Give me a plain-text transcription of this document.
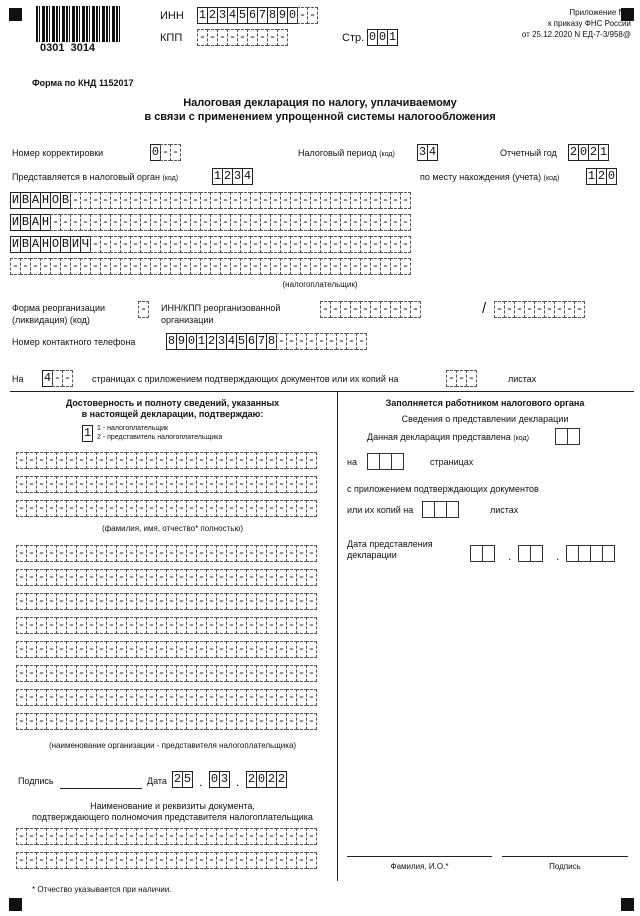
0301  3014
ИНН 1 2 3 4 5 6 7 8 9 0 - -
КПП - - - - - - - - -	Стр. 0 0 1
Приложение N 1
к приказу ФНС России
от 25.12.2020 N ЕД-7-3/958@
Форма по КНД 1152017
Налоговая декларация по налогу, уплачиваемому
в связи с применением упрощенной системы налогообложения
Номер корректировки	0 - -	Налоговый период (код) 3 4	Отчетный год 2 0 2 1
Представляется в налоговый орган (код)	1 2 3 4	по месту нахождения (учета) (код) 1 2 0
И В А Н О В - - - - - - - - - - - - - - - - - - - - - - - - - - - - - - - - - -
И В А Н - - - - - - - - - - - - - - - - - - - - - - - - - - - - - - - - - - - -
И В А Н О В И Ч - - - - - - - - - - - - - - - - - - - - - - - - - - - - - - - -
- - - - - - - - - - - - - - - - - - - - - - - - - - - - - - - - - - - - - - - -
(налогоплательщик)
Форма реорганизации
(ликвидация) (код)
- ИНН/КПП реорганизованной
организации
- - - - - - - - - -	/ - - - - - - - - -
Номер контактного телефона	8 9 0 1 2 3 4 5 6 7 8 - - - - - - - - -
На 4 - - страницах с приложением подтверждающих документов или их копий на	- - -	листах
Достоверность и полноту сведений, указанных
в настоящей декларации, подтверждаю:
1 1 - налогоплательщик
2 - представитель налогоплательщика
- - - - - - - - - - - - - - - - - - - - - - - - - - - - - -
- - - - - - - - - - - - - - - - - - - - - - - - - - - - - -
- - - - - - - - - - - - - - - - - - - - - - - - - - - - - -
(фамилия, имя, отчество* полностью)
- - - - - - - - - - - - - - - - - - - - - - - - - - - - - -
- - - - - - - - - - - - - - - - - - - - - - - - - - - - - -
- - - - - - - - - - - - - - - - - - - - - - - - - - - - - -
- - - - - - - - - - - - - - - - - - - - - - - - - - - - - -
- - - - - - - - - - - - - - - - - - - - - - - - - - - - - -
- - - - - - - - - - - - - - - - - - - - - - - - - - - - - -
- - - - - - - - - - - - - - - - - - - - - - - - - - - - - -
- - - - - - - - - - - - - - - - - - - - - - - - - - - - - -
(наименование организации - представителя налогоплательщика)
Подпись	Дата 2 5 . 0 3 . 2 0 2 2
Наименование и реквизиты документа,
подтверждающего полномочия представителя налогоплательщика
- - - - - - - - - - - - - - - - - - - - - - - - - - - - - -
- - - - - - - - - - - - - - - - - - - - - - - - - - - - - -
* Отчество указывается при наличии.
Заполняется работником налогового органа
Сведения о представлении декларации
Данная декларация представлена (код)
на	страницах
с приложением подтверждающих документов
или их копий на	листах
Дата представления
декларации	.	.
Фамилия, И.О.*	Подпись
